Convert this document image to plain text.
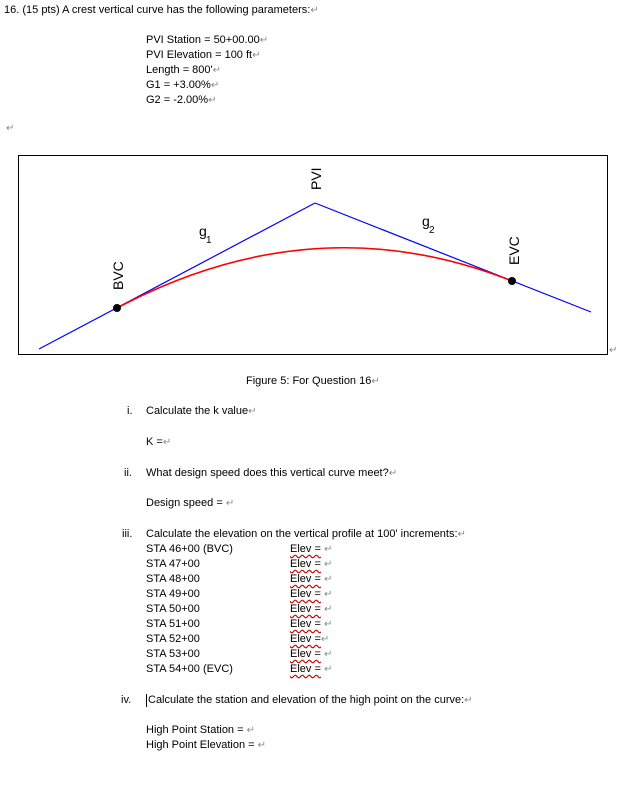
16. (15 pts) A crest vertical curve has the following parameters:↵
PVI Station = 50+00.00↵
PVI Elevation = 100 ft↵
Length = 800'↵
G1 = +3.00%↵
G2 = -2.00%↵
↵
BVC
PVI
EVC
g
1
g
2
↵
Figure 5: For Question 16↵
i. Calculate the k value↵
K =↵
ii. What design speed does this vertical curve meet?↵
Design speed = ↵
iii. Calculate the elevation on the vertical profile at 100' increments:↵
STA 46+00 (BVC)	Elev = ↵
STA 47+00	Elev = ↵
STA 48+00	Elev = ↵
STA 49+00	Elev = ↵
STA 50+00	Elev = ↵
STA 51+00	Elev = ↵
STA 52+00	Elev =↵
STA 53+00	Elev = ↵
STA 54+00 (EVC)	Elev = ↵
iv. Calculate the station and elevation of the high point on the curve:↵
High Point Station = ↵
High Point Elevation = ↵
